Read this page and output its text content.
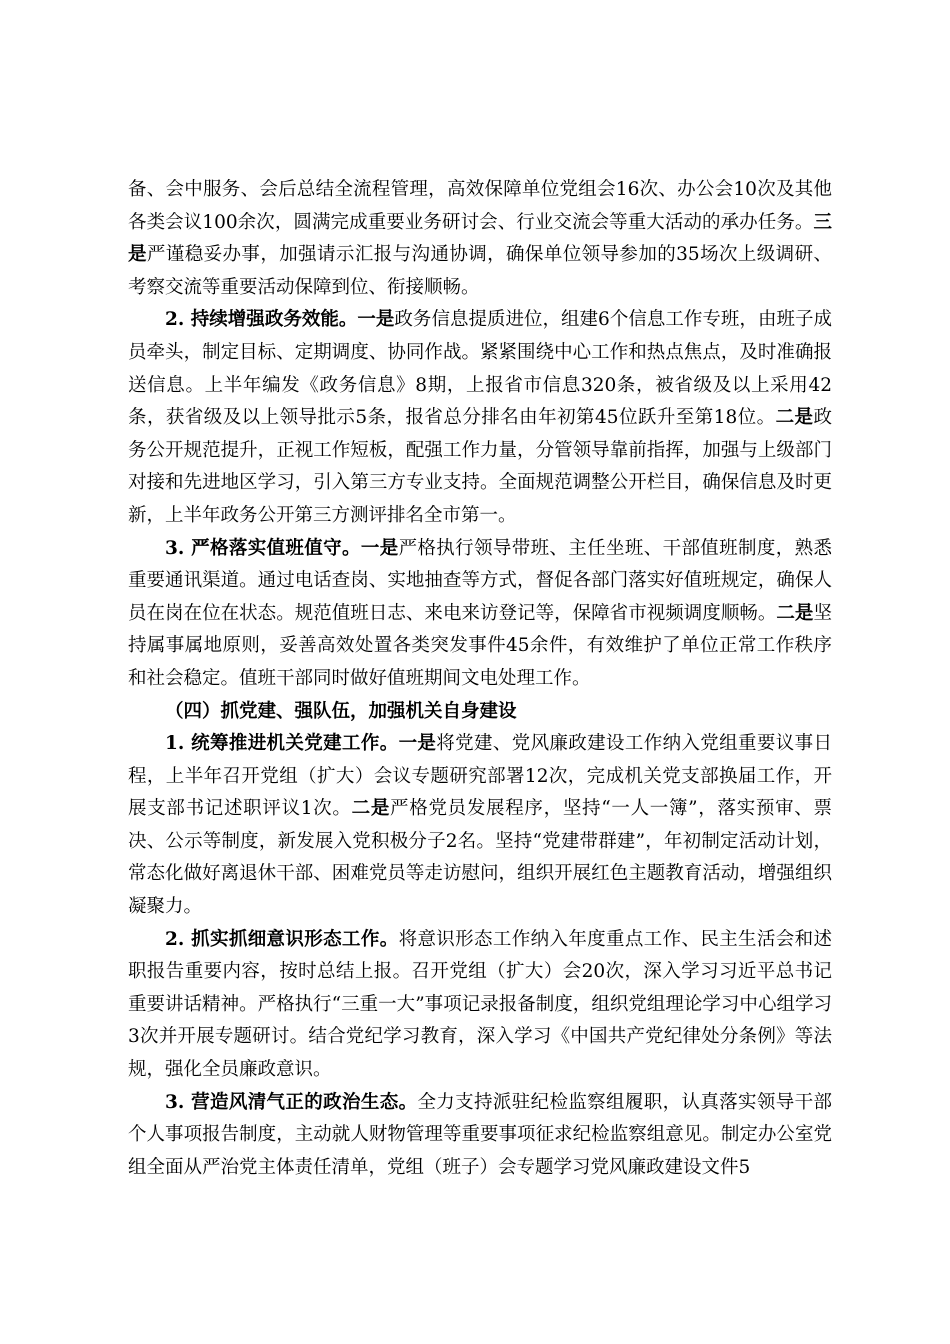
备、会中服务、会后总结全流程管理，高效保障单位党组会16次、办公会10次及其他各类会议100余次，圆满完成重要业务研讨会、行业交流会等重大活动的承办任务。三是严谨稳妥办事，加强请示汇报与沟通协调，确保单位领导参加的35场次上级调研、考察交流等重要活动保障到位、衔接顺畅。

2. 持续增强政务效能。一是政务信息提质进位，组建6个信息工作专班，由班子成员牵头，制定目标、定期调度、协同作战。紧紧围绕中心工作和热点焦点，及时准确报送信息。上半年编发《政务信息》8期，上报省市信息320条，被省级及以上采用42条，获省级及以上领导批示5条，报省总分排名由年初第45位跃升至第18位。二是政务公开规范提升，正视工作短板，配强工作力量，分管领导靠前指挥，加强与上级部门对接和先进地区学习，引入第三方专业支持。全面规范调整公开栏目，确保信息及时更新，上半年政务公开第三方测评排名全市第一。

3. 严格落实值班值守。一是严格执行领导带班、主任坐班、干部值班制度，熟悉重要通讯渠道。通过电话查岗、实地抽查等方式，督促各部门落实好值班规定，确保人员在岗在位在状态。规范值班日志、来电来访登记等，保障省市视频调度顺畅。二是坚持属事属地原则，妥善高效处置各类突发事件45余件，有效维护了单位正常工作秩序和社会稳定。值班干部同时做好值班期间文电处理工作。

（四）抓党建、强队伍，加强机关自身建设

1. 统筹推进机关党建工作。一是将党建、党风廉政建设工作纳入党组重要议事日程，上半年召开党组（扩大）会议专题研究部署12次，完成机关党支部换届工作，开展支部书记述职评议1次。二是严格党员发展程序，坚持“一人一簿”，落实预审、票决、公示等制度，新发展入党积极分子2名。坚持“党建带群建”，年初制定活动计划，常态化做好离退休干部、困难党员等走访慰问，组织开展红色主题教育活动，增强组织凝聚力。

2. 抓实抓细意识形态工作。将意识形态工作纳入年度重点工作、民主生活会和述职报告重要内容，按时总结上报。召开党组（扩大）会20次，深入学习习近平总书记重要讲话精神。严格执行“三重一大”事项记录报备制度，组织党组理论学习中心组学习3次并开展专题研讨。结合党纪学习教育，深入学习《中国共产党纪律处分条例》等法规，强化全员廉政意识。

3. 营造风清气正的政治生态。全力支持派驻纪检监察组履职，认真落实领导干部个人事项报告制度，主动就人财物管理等重要事项征求纪检监察组意见。制定办公室党组全面从严治党主体责任清单，党组（班子）会专题学习党风廉政建设文件5
